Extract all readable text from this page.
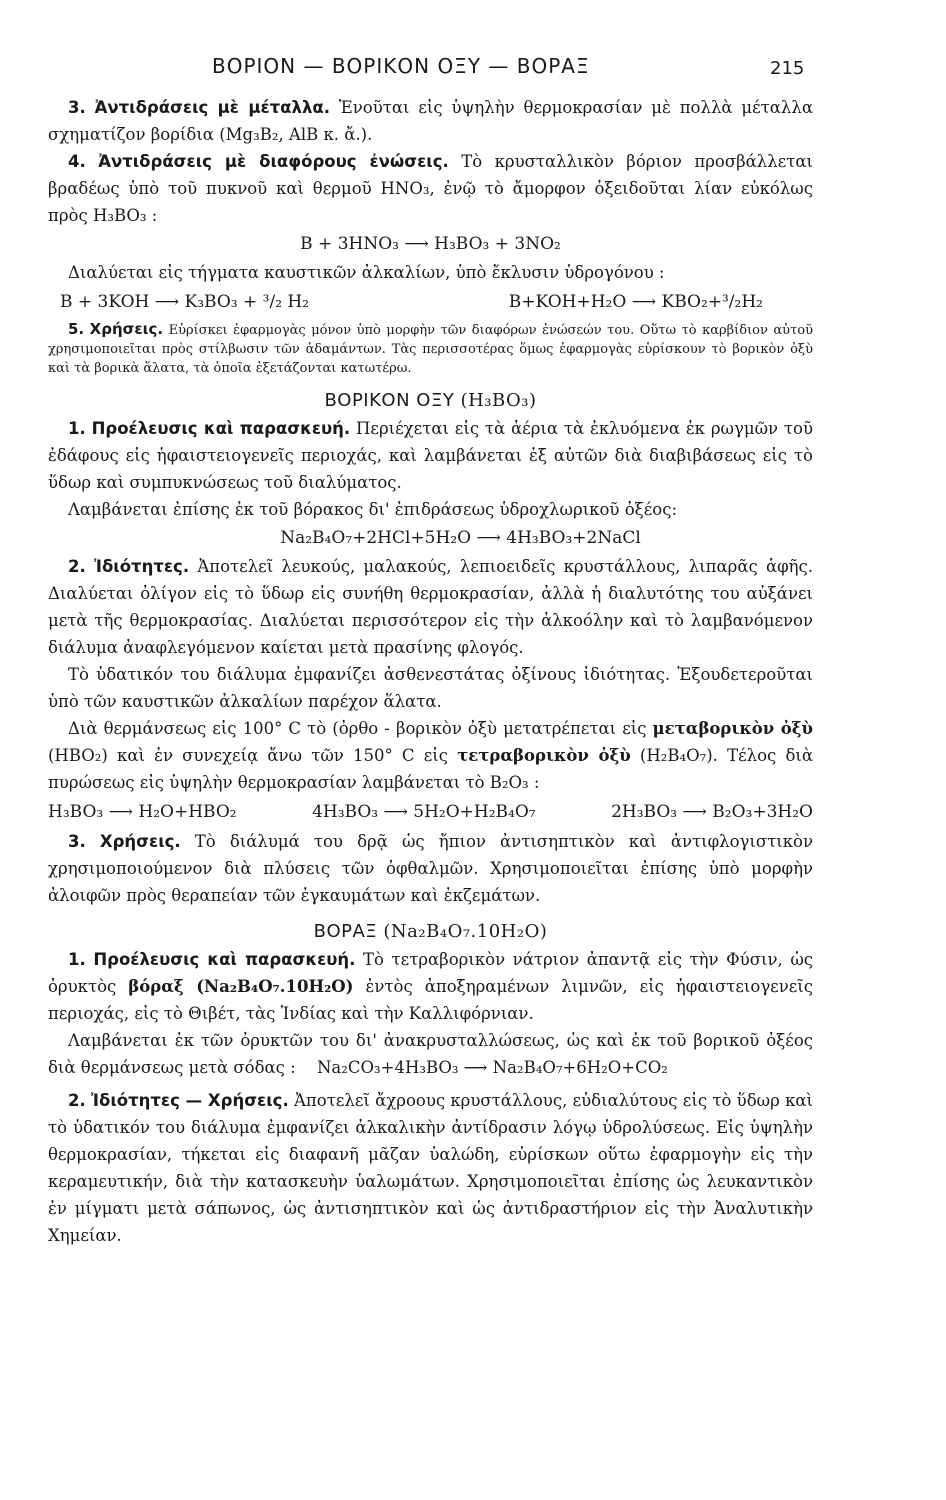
ΒΟΡΙΟΝ — ΒΟΡΙΚΟΝ ΟΞΥ — ΒΟΡΑΞ	215

3. Ἀντιδράσεις μὲ μέταλλα. Ἑνοῦται εἰς ὑψηλὴν θερμοκρασίαν μὲ πολλὰ μέταλλα σχηματίζον βορίδια (Mg₃B₂, AlB κ. ἄ.).

4. Ἀντιδράσεις μὲ διαφόρους ἐνώσεις. Τὸ κρυσταλλικὸν βόριον προσβάλλεται βραδέως ὑπὸ τοῦ πυκνοῦ καὶ θερμοῦ HNO₃, ἐνῷ τὸ ἄμορφον ὀξειδοῦται λίαν εὐκόλως πρὸς H₃BO₃ :

B + 3HNO₃ ⟶ H₃BO₃ + 3NO₂

Διαλύεται εἰς τήγματα καυστικῶν ἀλκαλίων, ὑπὸ ἔκλυσιν ὑδρογόνου :

B + 3KOH ⟶ K₃BO₃ + ³/₂ H₂	B+KOH+H₂O ⟶ KBO₂+³/₂H₂

5. Χρήσεις. Εὑρίσκει ἐφαρμογὰς μόνον ὑπὸ μορφὴν τῶν διαφόρων ἐνώσεών του. Οὕτω τὸ καρβίδιον αὐτοῦ χρησιμοποιεῖται πρὸς στίλβωσιν τῶν ἀδαμάντων. Τὰς περισσοτέρας ὅμως ἐφαρμογὰς εὑρίσκουν τὸ βορικὸν ὀξὺ καὶ τὰ βορικὰ ἅλατα, τὰ ὁποῖα ἐξετάζονται κατωτέρω.

ΒΟΡΙΚΟΝ ΟΞΥ (H₃BO₃)

1. Προέλευσις καὶ παρασκευή. Περιέχεται εἰς τὰ ἀέρια τὰ ἐκλυόμενα ἐκ ρωγμῶν τοῦ ἐδάφους εἰς ἡφαιστειογενεῖς περιοχάς, καὶ λαμβάνεται ἐξ αὐτῶν διὰ διαβιβάσεως εἰς τὸ ὕδωρ καὶ συμπυκνώσεως τοῦ διαλύματος.

Λαμβάνεται ἐπίσης ἐκ τοῦ βόρακος δι' ἐπιδράσεως ὑδροχλωρικοῦ ὀξέος:

Na₂B₄O₇+2HCl+5H₂O ⟶ 4H₃BO₃+2NaCl

2. Ἰδιότητες. Ἀποτελεῖ λευκούς, μαλακούς, λεπιοειδεῖς κρυστάλλους, λιπαρᾶς ἁφῆς. Διαλύεται ὀλίγον εἰς τὸ ὕδωρ εἰς συνήθη θερμοκρασίαν, ἀλλὰ ἡ διαλυτότης του αὐξάνει μετὰ τῆς θερμοκρασίας. Διαλύεται περισσότερον εἰς τὴν ἀλκοόλην καὶ τὸ λαμβανόμενον διάλυμα ἀναφλεγόμενον καίεται μετὰ πρασίνης φλογός.

Τὸ ὑδατικόν του διάλυμα ἐμφανίζει ἀσθενεστάτας ὀξίνους ἰδιότητας. Ἐξουδετεροῦται ὑπὸ τῶν καυστικῶν ἀλκαλίων παρέχον ἅλατα.

Διὰ θερμάνσεως εἰς 100° C τὸ (ὀρθο - βορικὸν ὀξὺ μετατρέπεται εἰς μεταβορικὸν ὀξὺ (HBO₂) καὶ ἐν συνεχείᾳ ἄνω τῶν 150° C εἰς τετραβορικὸν ὀξὺ (H₂B₄O₇). Τέλος διὰ πυρώσεως εἰς ὑψηλὴν θερμοκρασίαν λαμβάνεται τὸ B₂O₃ :

H₃BO₃ ⟶ H₂O+HBO₂	4H₃BO₃ ⟶ 5H₂O+H₂B₄O₇	2H₃BO₃ ⟶ B₂O₃+3H₂O

3. Χρήσεις. Τὸ διάλυμά του δρᾷ ὡς ἤπιον ἀντισηπτικὸν καὶ ἀντιφλογιστικὸν χρησιμοποιούμενον διὰ πλύσεις τῶν ὀφθαλμῶν. Χρησιμοποιεῖται ἐπίσης ὑπὸ μορφὴν ἀλοιφῶν πρὸς θεραπείαν τῶν ἐγκαυμάτων καὶ ἐκζεμάτων.

ΒΟΡΑΞ (Na₂B₄O₇.10H₂O)

1. Προέλευσις καὶ παρασκευή. Τὸ τετραβορικὸν νάτριον ἀπαντᾷ εἰς τὴν Φύσιν, ὡς ὀρυκτὸς βόραξ (Na₂B₄O₇.10H₂O) ἐντὸς ἀποξηραμένων λιμνῶν, εἰς ἡφαιστειογενεῖς περιοχάς, εἰς τὸ Θιβέτ, τὰς Ἰνδίας καὶ τὴν Καλλιφόρνιαν.

Λαμβάνεται ἐκ τῶν ὀρυκτῶν του δι' ἀνακρυσταλλώσεως, ὡς καὶ ἐκ τοῦ βορικοῦ ὀξέος διὰ θερμάνσεως μετὰ σόδας : Na₂CO₃+4H₃BO₃ ⟶ Na₂B₄O₇+6H₂O+CO₂

2. Ἰδιότητες — Χρήσεις. Ἀποτελεῖ ἄχροους κρυστάλλους, εὐδιαλύτους εἰς τὸ ὕδωρ καὶ τὸ ὑδατικόν του διάλυμα ἐμφανίζει ἀλκαλικὴν ἀντίδρασιν λόγῳ ὑδρολύσεως. Εἰς ὑψηλὴν θερμοκρασίαν, τήκεται εἰς διαφανῆ μᾶζαν ὑαλώδη, εὑρίσκων οὕτω ἐφαρμογὴν εἰς τὴν κεραμευτικήν, διὰ τὴν κατασκευὴν ὑαλωμάτων. Χρησιμοποιεῖται ἐπίσης ὡς λευκαντικὸν ἐν μίγματι μετὰ σάπωνος, ὡς ἀντισηπτικὸν καὶ ὡς ἀντιδραστήριον εἰς τὴν Ἀναλυτικὴν Χημείαν.
